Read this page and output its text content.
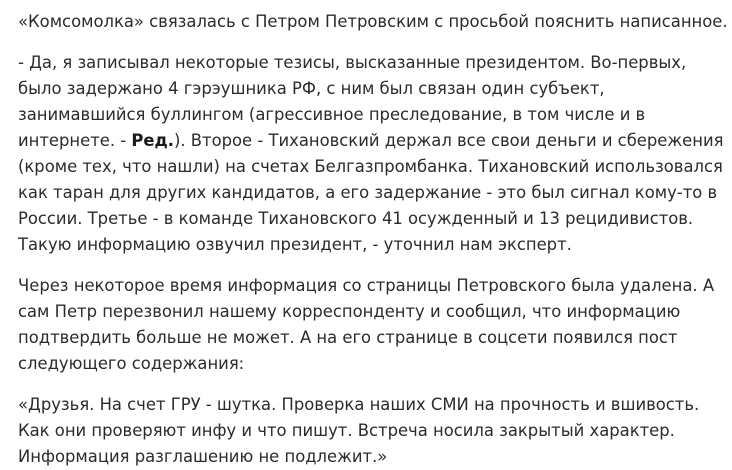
«Комсомолка» связалась с Петром Петровским с просьбой пояснить написанное.

- Да, я записывал некоторые тезисы, высказанные президентом. Во-первых,
было задержано 4 гэрэушника РФ, с ним был связан один субъект,
занимавшийся буллингом (агрессивное преследование, в том числе и в
интернете. - Ред.). Второе - Тихановский держал все свои деньги и сбережения
(кроме тех, что нашли) на счетах Белгазпромбанка. Тихановский использовался
как таран для других кандидатов, а его задержание - это был сигнал кому-то в
России. Третье - в команде Тихановского 41 осужденный и 13 рецидивистов.
Такую информацию озвучил президент, - уточнил нам эксперт.

Через некоторое время информация со страницы Петровского была удалена. А
сам Петр перезвонил нашему корреспонденту и сообщил, что информацию
подтвердить больше не может. А на его странице в соцсети появился пост
следующего содержания:

«Друзья. На счет ГРУ - шутка. Проверка наших СМИ на прочность и вшивость.
Как они проверяют инфу и что пишут. Встреча носила закрытый характер.
Информация разглашению не подлежит.»
